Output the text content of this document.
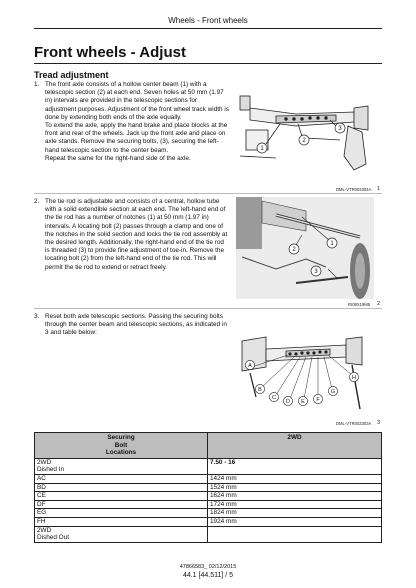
Wheels - Front wheels
Front wheels - Adjust
Tread adjustment
1. The front axle consists of a hollow center beam (1) with a telescopic section (2) at each end. Seven holes at 50 mm (1.97 in) intervals are provided in the telescopic sections for adjustment purposes. Adjustment of the front wheel track width is done by extending both ends of the axle equally.

To extend the axle, apply the hand brake and place blocks at the front and rear of the wheels. Jack up the front axle and place on axle stands. Remove the securing bolts, (3), securing the left-hand telescopic section to the center beam.

Repeat the same for the right-hand side of the axle.

1
2
3
DML-VTR003304A 1
2. The tie rod is adjustable and consists of a central, hollow tube with a solid extendible section at each end. The left-hand end of the tie rod has a number of notches (1) at 50 mm (1.97 in) intervals. A locating bolt (2) passes through a clamp and one of the notches in the solid section and locks the tie rod assembly at the desired length. Additionally, the right-hand end of the tie rod is threaded (3) to provide fine adjustment of toe-in. Remove the locating bolt (2) from the left-hand end of the tie rod. This will permit the tie rod to extend or retract freely.

1
2
3
RI08X19M5 2
3. Reset both axle telescopic sections. Passing the securing bolts through the center beam and telescopic sections, as indicated in 3 and table below:

A
B
C
D E F
G
H
DML-VTR003303A 3
Securing
Bolt
Locations	2WD
2WD
Dished In	7.50 - 16
AC	1424 mm
BD	1524 mm
CE	1624 mm
DF	1724 mm
EG	1824 mm
FH	1924 mm
2WD
Dished Out	
47866583_ 02/12/2015
44.1 [44.511] / 5
